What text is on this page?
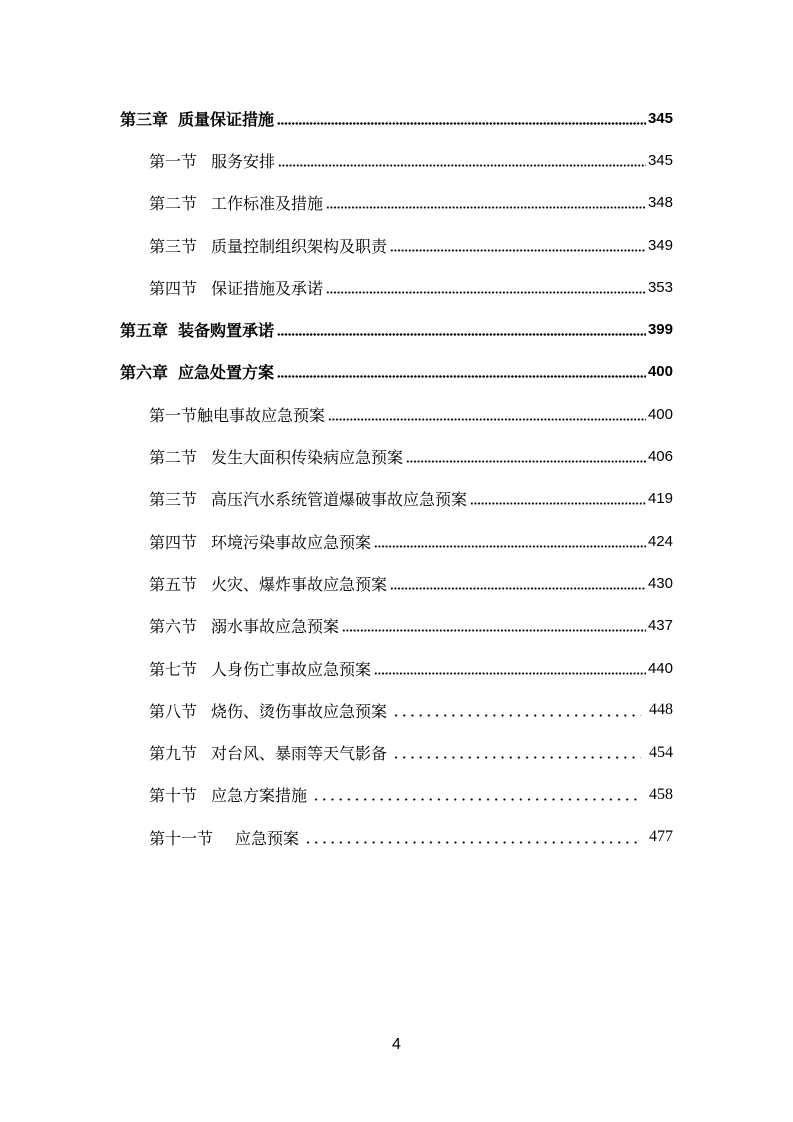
第三章 质量保证措施	345
第一节 服务安排	345
第二节 工作标准及措施	348
第三节 质量控制组织架构及职责	349
第四节 保证措施及承诺	353
第五章 装备购置承诺	399
第六章 应急处置方案	400
第一节 触电事故应急预案	400
第二节 发生大面积传染病应急预案	406
第三节 高压汽水系统管道爆破事故应急预案	419
第四节 环境污染事故应急预案	424
第五节 火灾、爆炸事故应急预案	430
第六节 溺水事故应急预案	437
第七节 人身伤亡事故应急预案	440
第八节 烧伤、烫伤事故应急预案	448
第九节 对台风、暴雨等天气影备	454
第十节 应急方案措施	458
第十一节 应急预案	477
4
